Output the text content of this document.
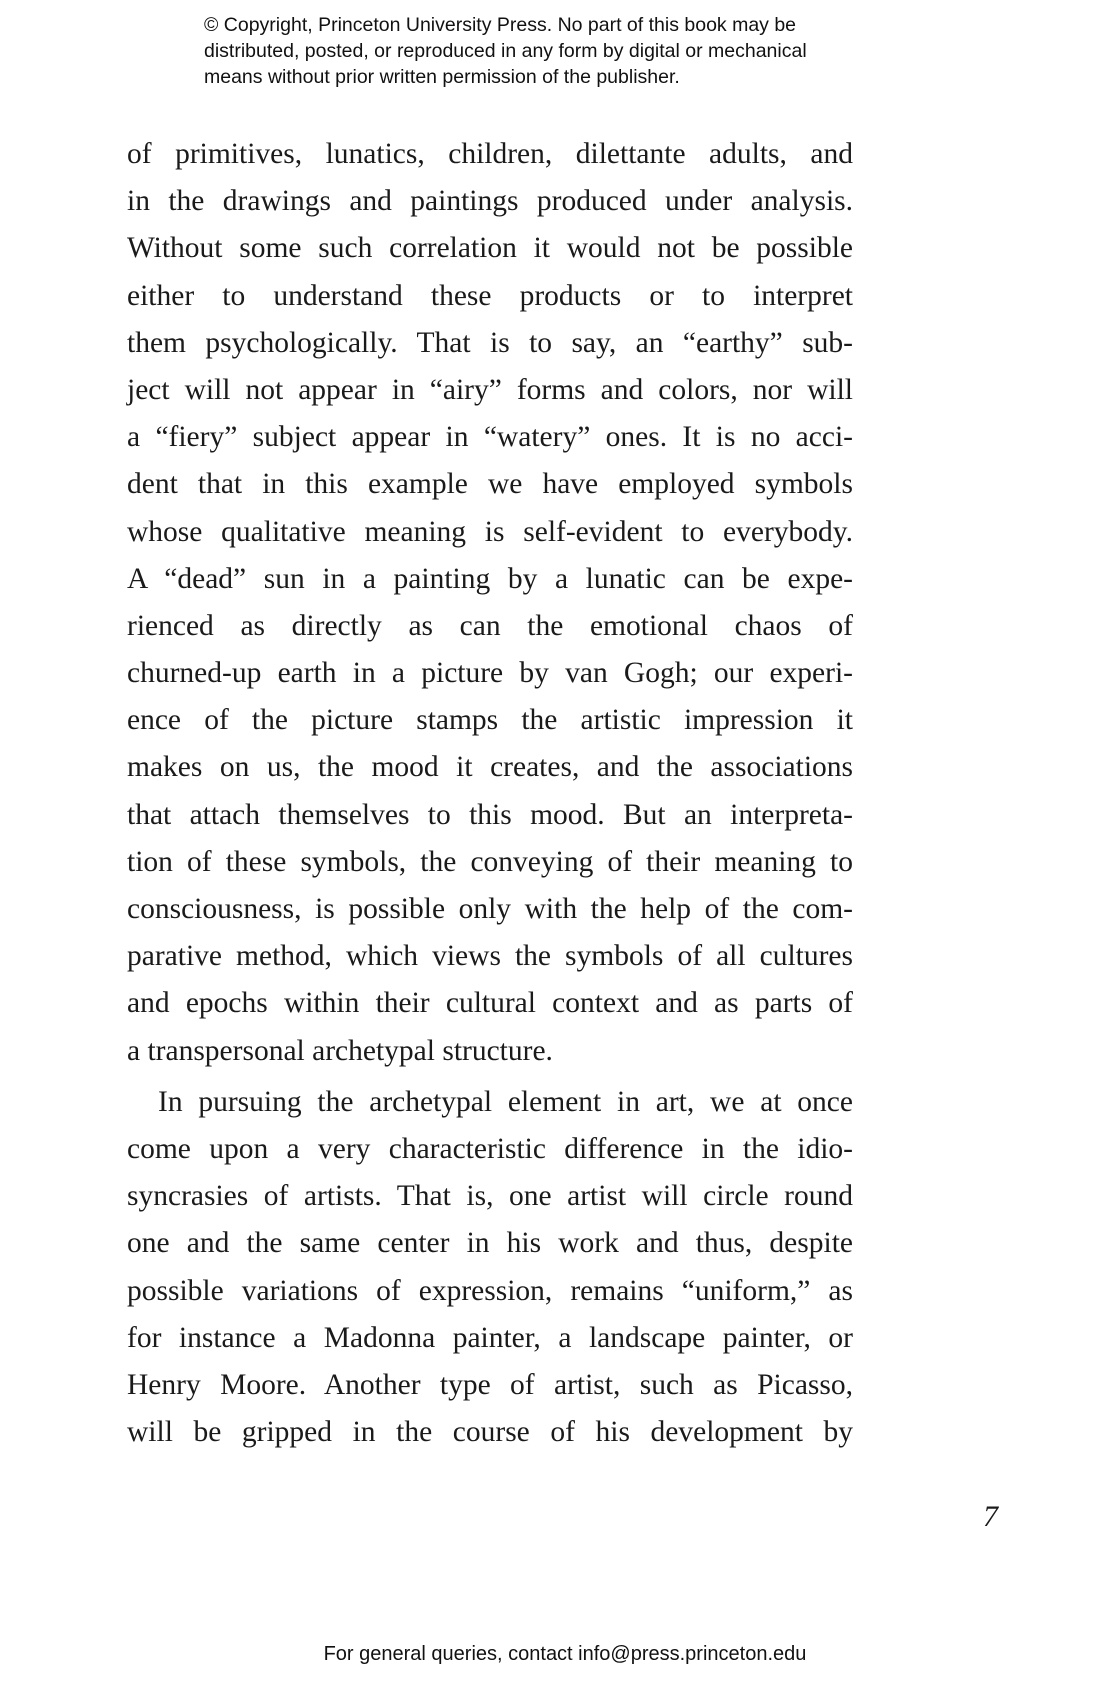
© Copyright, Princeton University Press. No part of this book may be
distributed, posted, or reproduced in any form by digital or mechanical
means without prior written permission of the publisher.
of primitives, lunatics, children, dilettante adults, and
in the drawings and paintings produced under analysis.
Without some such correlation it would not be possible
either to understand these products or to interpret
them psychologically. That is to say, an “earthy” sub-
ject will not appear in “airy” forms and colors, nor will
a “fiery” subject appear in “watery” ones. It is no acci-
dent that in this example we have employed symbols
whose qualitative meaning is self-evident to everybody.
A “dead” sun in a painting by a lunatic can be expe-
rienced as directly as can the emotional chaos of
churned-up earth in a picture by van Gogh; our experi-
ence of the picture stamps the artistic impression it
makes on us, the mood it creates, and the associations
that attach themselves to this mood. But an interpreta-
tion of these symbols, the conveying of their meaning to
consciousness, is possible only with the help of the com-
parative method, which views the symbols of all cultures
and epochs within their cultural context and as parts of
a transpersonal archetypal structure.
In pursuing the archetypal element in art, we at once
come upon a very characteristic difference in the idio-
syncrasies of artists. That is, one artist will circle round
one and the same center in his work and thus, despite
possible variations of expression, remains “uniform,” as
for instance a Madonna painter, a landscape painter, or
Henry Moore. Another type of artist, such as Picasso,
will be gripped in the course of his development by
7
For general queries, contact info@press.princeton.edu
